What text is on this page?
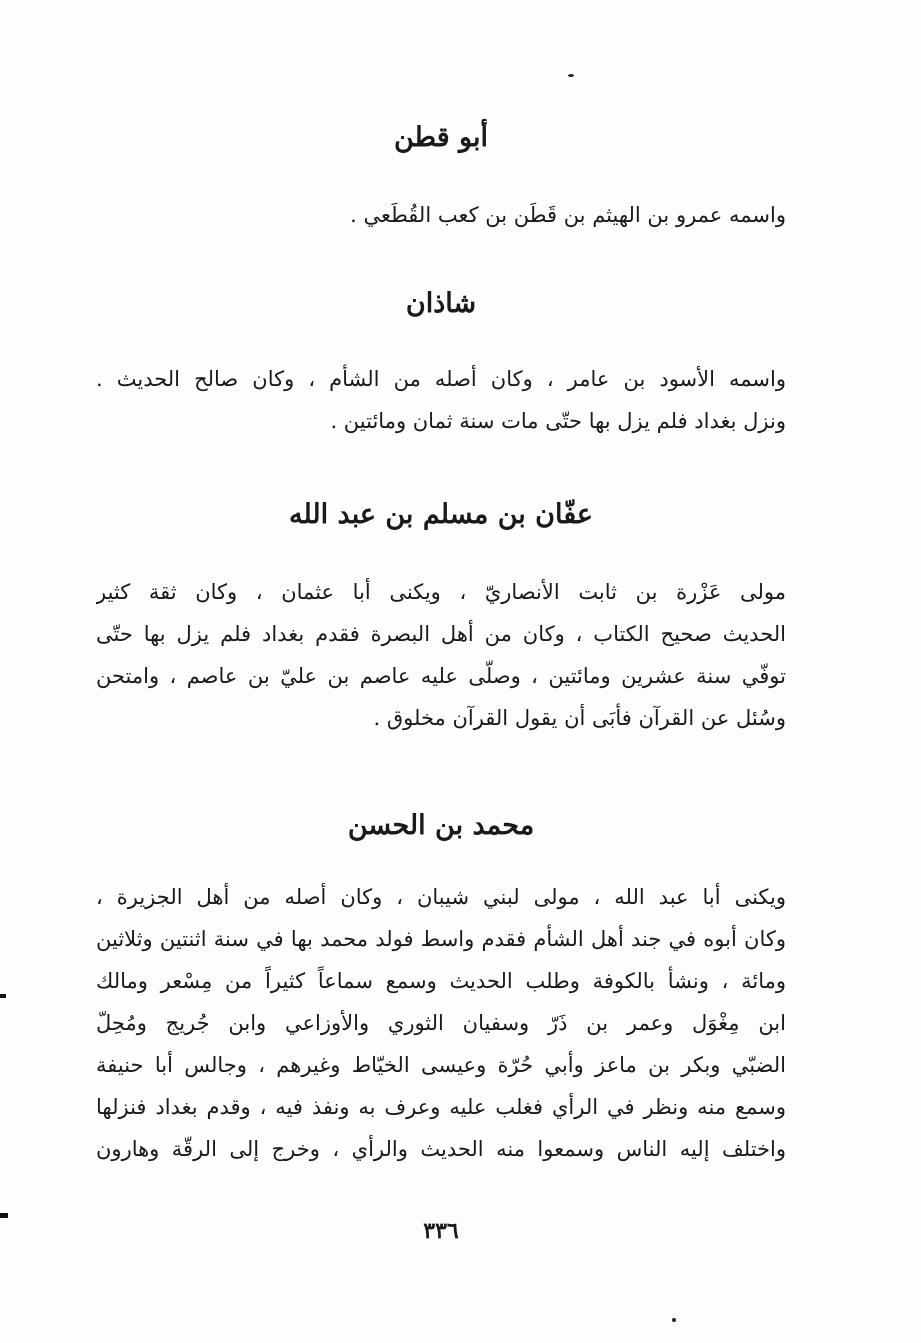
أبو قطن
واسمه عمرو بن الهيثم بن قَطَن بن كعب القُطَعي .
شاذان
واسمه الأسود بن عامر ، وكان أصله من الشأم ، وكان صالح الحديث .
ونزل بغداد فلم يزل بها حتّى مات سنة ثمان ومائتين .
عفّان بن مسلم بن عبد الله
مولى عَزْرة بن ثابت الأنصاريّ ، ويكنى أبا عثمان ، وكان ثقة كثير
الحديث صحيح الكتاب ، وكان من أهل البصرة فقدم بغداد فلم يزل بها حتّى
توفّي سنة عشرين ومائتين ، وصلّى عليه عاصم بن عليّ بن عاصم ، وامتحن
وسُئل عن القرآن فأبَى أن يقول القرآن مخلوق .
محمد بن الحسن
ويكنى أبا عبد الله ، مولى لبني شيبان ، وكان أصله من أهل الجزيرة ،
وكان أبوه في جند أهل الشأم فقدم واسط فولد محمد بها في سنة اثنتين وثلاثين
ومائة ، ونشأ بالكوفة وطلب الحديث وسمع سماعاً كثيراً من مِسْعر ومالك
ابن مِغْوَل وعمر بن ذَرّ وسفيان الثوري والأوزاعي وابن جُريج ومُحِلّ
الضبّي وبكر بن ماعز وأبي حُرّة وعيسى الخيّاط وغيرهم ، وجالس أبا حنيفة
وسمع منه ونظر في الرأي فغلب عليه وعرف به ونفذ فيه ، وقدم بغداد فنزلها
واختلف إليه الناس وسمعوا منه الحديث والرأي ، وخرج إلى الرقّة وهارون
٣٣٦
